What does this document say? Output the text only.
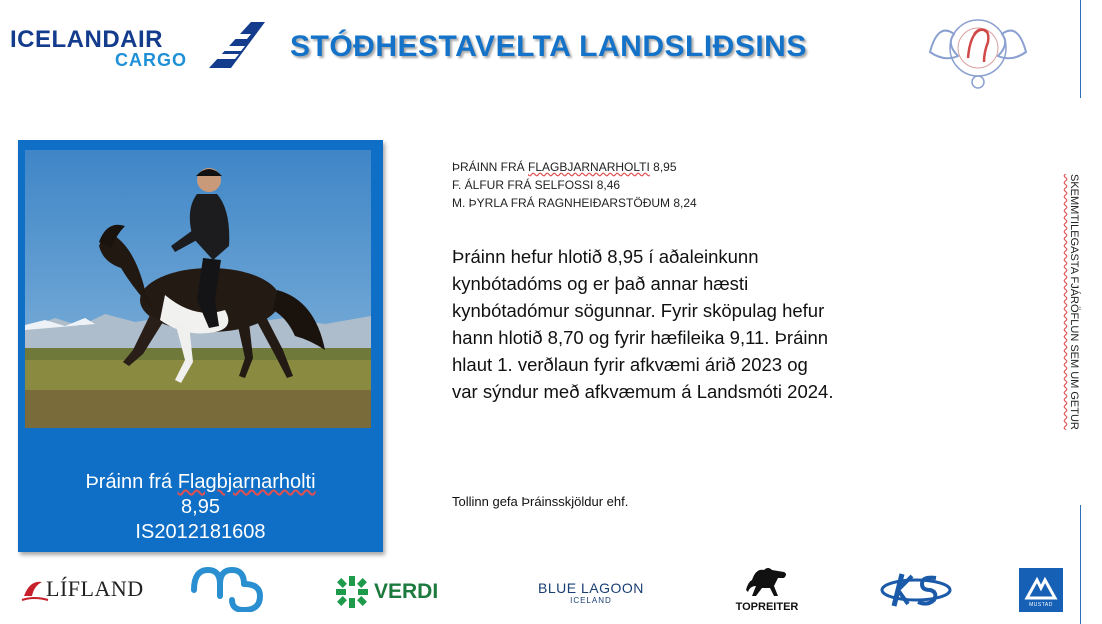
ICELANDAIR
CARGO	STÓÐHESTAVELTA LANDSLIÐSINS
Þráinn frá Flagbjarnarholti
8,95
IS2012181608
ÞRÁINN FRÁ FLAGBJARNARHOLTI 8,95
F. ÁLFUR FRÁ SELFOSSI 8,46
M. ÞYRLA FRÁ RAGNHEIÐARSTÖÐUM 8,24
Þráinn hefur hlotið 8,95 í aðaleinkunn
kynbótadóms og er það annar hæsti
kynbótadómur sögunnar. Fyrir sköpulag hefur
hann hlotið 8,70 og fyrir hæfileika 9,11. Þráinn
hlaut 1. verðlaun fyrir afkvæmi árið 2023 og
var sýndur með afkvæmum á Landsmóti 2024.
Tollinn gefa Þráinsskjöldur ehf.
SKEMMTILEGASTA FJÁRÖFLUN SEM UM GETUR
LÍFLAND	VERDI	BLUE LAGOON
ICELAND
TOPREITER	MUSTAD
